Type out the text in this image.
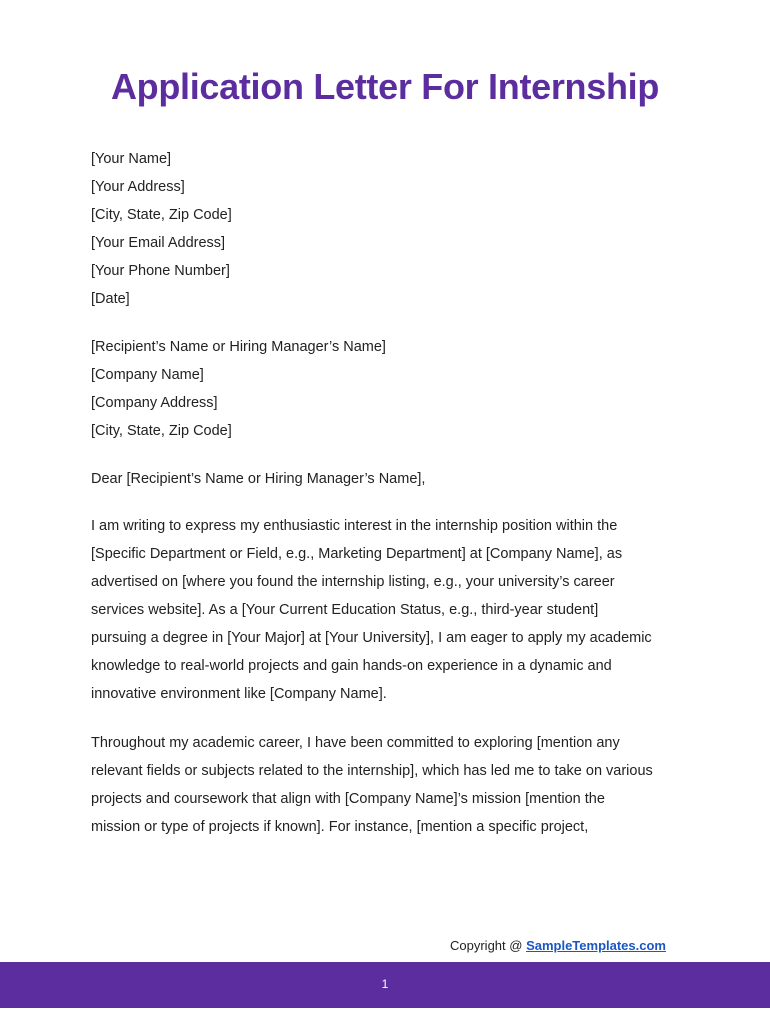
Application Letter For Internship
[Your Name]
[Your Address]
[City, State, Zip Code]
[Your Email Address]
[Your Phone Number]
[Date]
[Recipient’s Name or Hiring Manager’s Name]
[Company Name]
[Company Address]
[City, State, Zip Code]

Dear [Recipient’s Name or Hiring Manager’s Name],

I am writing to express my enthusiastic interest in the internship position within the
[Specific Department or Field, e.g., Marketing Department] at [Company Name], as
advertised on [where you found the internship listing, e.g., your university’s career
services website]. As a [Your Current Education Status, e.g., third-year student]
pursuing a degree in [Your Major] at [Your University], I am eager to apply my academic
knowledge to real-world projects and gain hands-on experience in a dynamic and
innovative environment like [Company Name].
Throughout my academic career, I have been committed to exploring [mention any
relevant fields or subjects related to the internship], which has led me to take on various
projects and coursework that align with [Company Name]’s mission [mention the
mission or type of projects if known]. For instance, [mention a specific project,
Copyright @ SampleTemplates.com
1
